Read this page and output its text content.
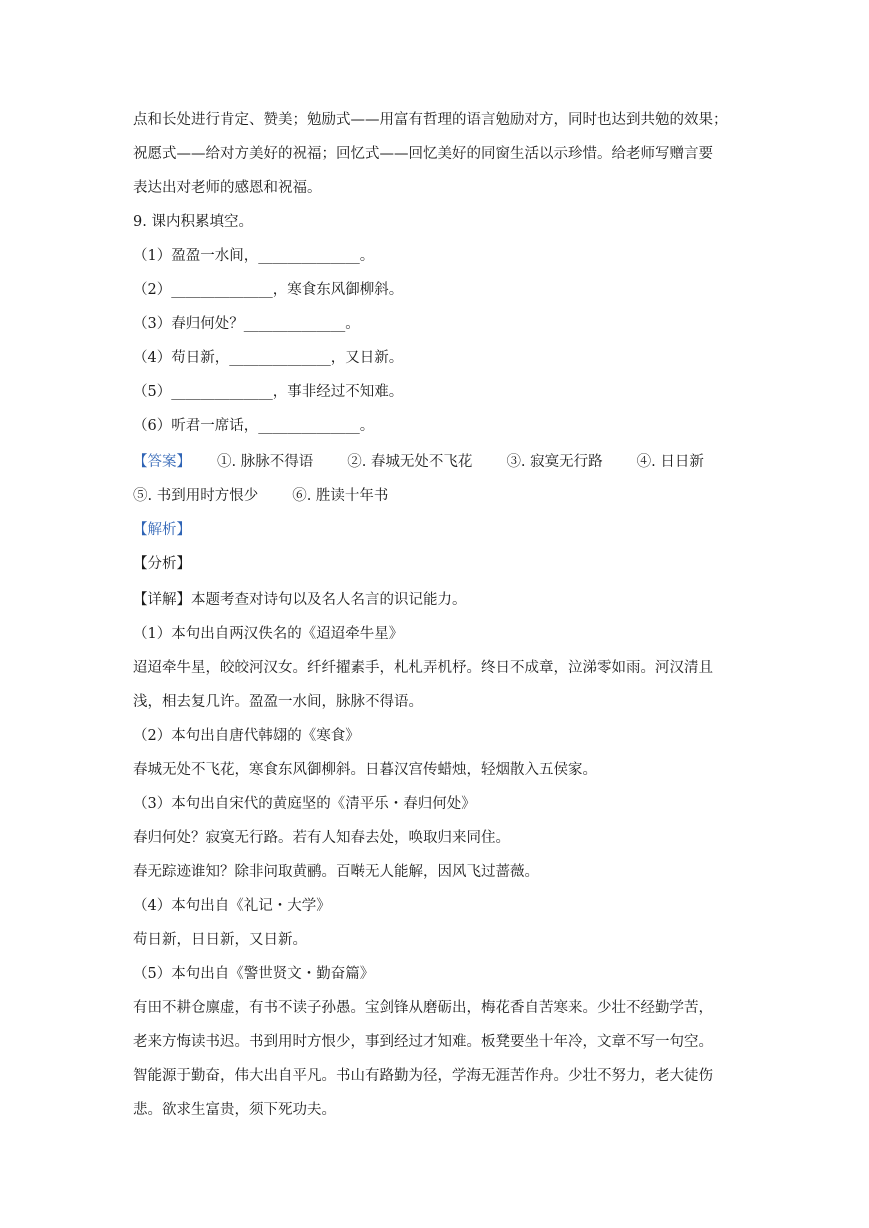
点和长处进行肯定、赞美；勉励式——用富有哲理的语言勉励对方，同时也达到共勉的效果；
祝愿式——给对方美好的祝福；回忆式——回忆美好的同窗生活以示珍惜。给老师写赠言要
表达出对老师的感恩和祝福。
9. 课内积累填空。
（1）盈盈一水间，______________。
（2）______________，寒食东风御柳斜。
（3）春归何处？______________。
（4）苟日新，______________，又日新。
（5）______________，事非经过不知难。
（6）听君一席话，______________。
【答案】 ①. 脉脉不得语 ②. 春城无处不飞花 ③. 寂寞无行路 ④. 日日新
⑤. 书到用时方恨少 ⑥. 胜读十年书
【解析】
【分析】
【详解】本题考查对诗句以及名人名言的识记能力。
（1）本句出自两汉佚名的《迢迢牵牛星》
迢迢牵牛星，皎皎河汉女。纤纤擢素手，札札弄机杼。终日不成章，泣涕零如雨。河汉清且
浅，相去复几许。盈盈一水间，脉脉不得语。
（2）本句出自唐代韩翃的《寒食》
春城无处不飞花，寒食东风御柳斜。日暮汉宫传蜡烛，轻烟散入五侯家。
（3）本句出自宋代的黄庭坚的《清平乐・春归何处》
春归何处？寂寞无行路。若有人知春去处，唤取归来同住。
春无踪迹谁知？除非问取黄鹂。百啭无人能解，因风飞过蔷薇。
（4）本句出自《礼记・大学》
苟日新，日日新，又日新。
（5）本句出自《警世贤文・勤奋篇》
有田不耕仓廪虚，有书不读子孙愚。宝剑锋从磨砺出，梅花香自苦寒来。少壮不经勤学苦，
老来方悔读书迟。书到用时方恨少，事到经过才知难。板凳要坐十年冷，文章不写一句空。
智能源于勤奋，伟大出自平凡。书山有路勤为径，学海无涯苦作舟。少壮不努力，老大徒伤
悲。欲求生富贵，须下死功夫。
